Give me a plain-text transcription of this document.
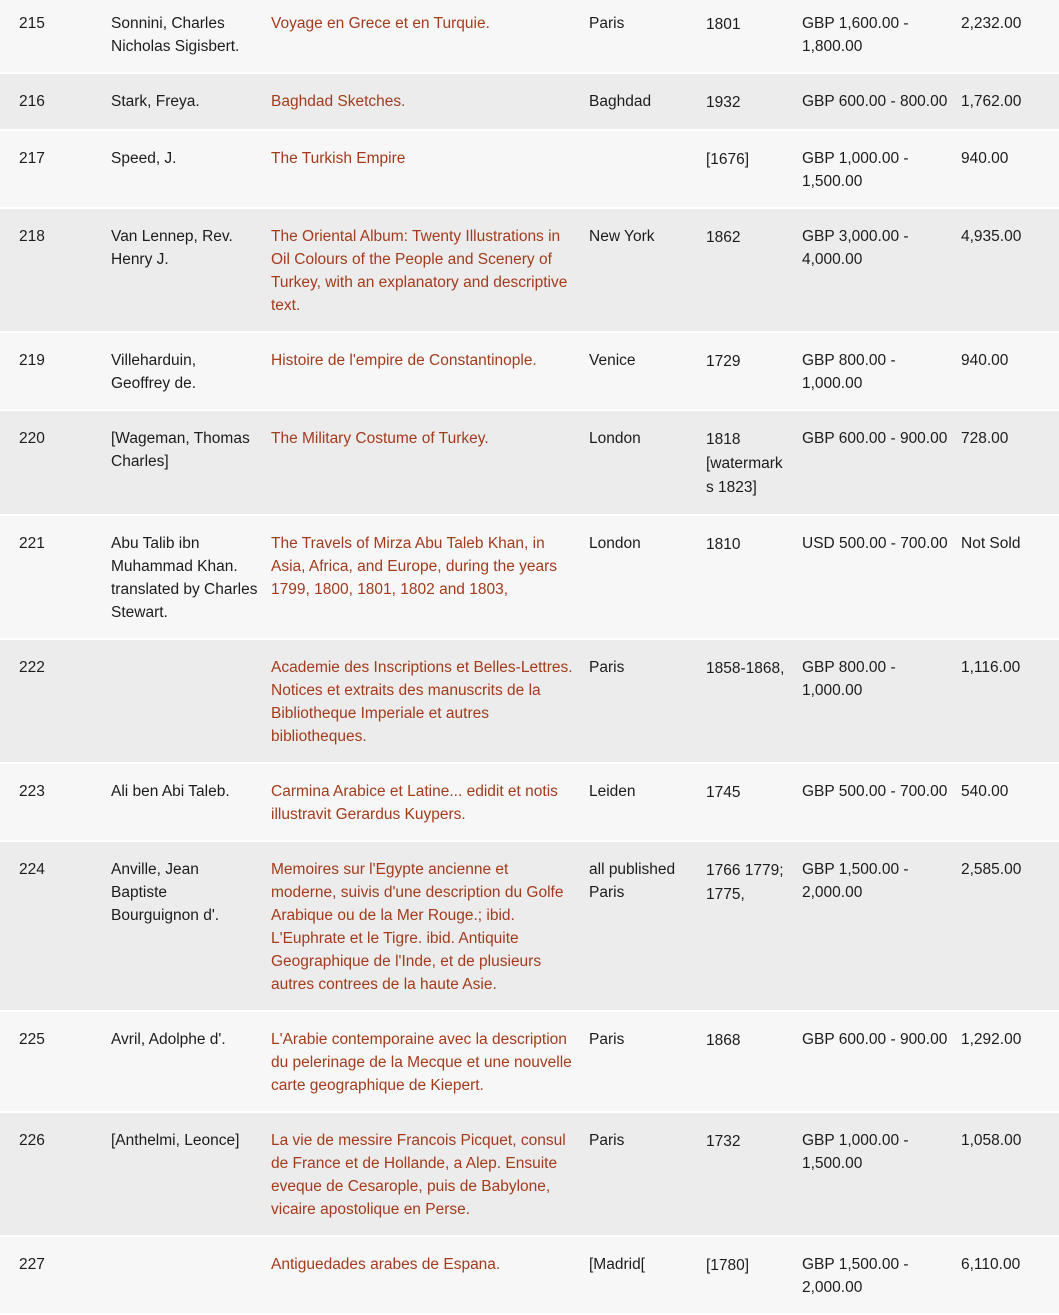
215	Sonnini, Charles Nicholas Sigisbert.	Voyage en Grece et en Turquie.	Paris	1801	GBP 1,600.00 - 1,800.00	2,232.00
216	Stark, Freya.	Baghdad Sketches.	Baghdad	1932	GBP 600.00 - 800.00	1,762.00
217	Speed, J.	The Turkish Empire		[1676]	GBP 1,000.00 - 1,500.00	940.00
218	Van Lennep, Rev. Henry J.	The Oriental Album: Twenty Illustrations in Oil Colours of the People and Scenery of Turkey, with an explanatory and descriptive text.	New York	1862	GBP 3,000.00 - 4,000.00	4,935.00
219	Villeharduin, Geoffrey de.	Histoire de l'empire de Constantinople.	Venice	1729	GBP 800.00 - 1,000.00	940.00
220	[Wageman, Thomas Charles]	The Military Costume of Turkey.	London	1818 [watermarks 1823]	GBP 600.00 - 900.00	728.00
221	Abu Talib ibn Muhammad Khan. translated by Charles Stewart.	The Travels of Mirza Abu Taleb Khan, in Asia, Africa, and Europe, during the years 1799, 1800, 1801, 1802 and 1803,	London	1810	USD 500.00 - 700.00	Not Sold
222		Academie des Inscriptions et Belles-Lettres. Notices et extraits des manuscrits de la Bibliotheque Imperiale et autres bibliotheques.	Paris	1858-1868,	GBP 800.00 - 1,000.00	1,116.00
223	Ali ben Abi Taleb.	Carmina Arabice et Latine... edidit et notis illustravit Gerardus Kuypers.	Leiden	1745	GBP 500.00 - 700.00	540.00
224	Anville, Jean Baptiste Bourguignon d'.	Memoires sur l'Egypte ancienne et moderne, suivis d'une description du Golfe Arabique ou de la Mer Rouge.; ibid. L'Euphrate et le Tigre. ibid. Antiquite Geographique de l'Inde, et de plusieurs autres contrees de la haute Asie.	all published Paris	1766 1779; 1775,	GBP 1,500.00 - 2,000.00	2,585.00
225	Avril, Adolphe d'.	L'Arabie contemporaine avec la description du pelerinage de la Mecque et une nouvelle carte geographique de Kiepert.	Paris	1868	GBP 600.00 - 900.00	1,292.00
226	[Anthelmi, Leonce]	La vie de messire Francois Picquet, consul de France et de Hollande, a Alep. Ensuite eveque de Cesarople, puis de Babylone, vicaire apostolique en Perse.	Paris	1732	GBP 1,000.00 - 1,500.00	1,058.00
227		Antiguedades arabes de Espana.	[Madrid[	[1780]	GBP 1,500.00 - 2,000.00	6,110.00
